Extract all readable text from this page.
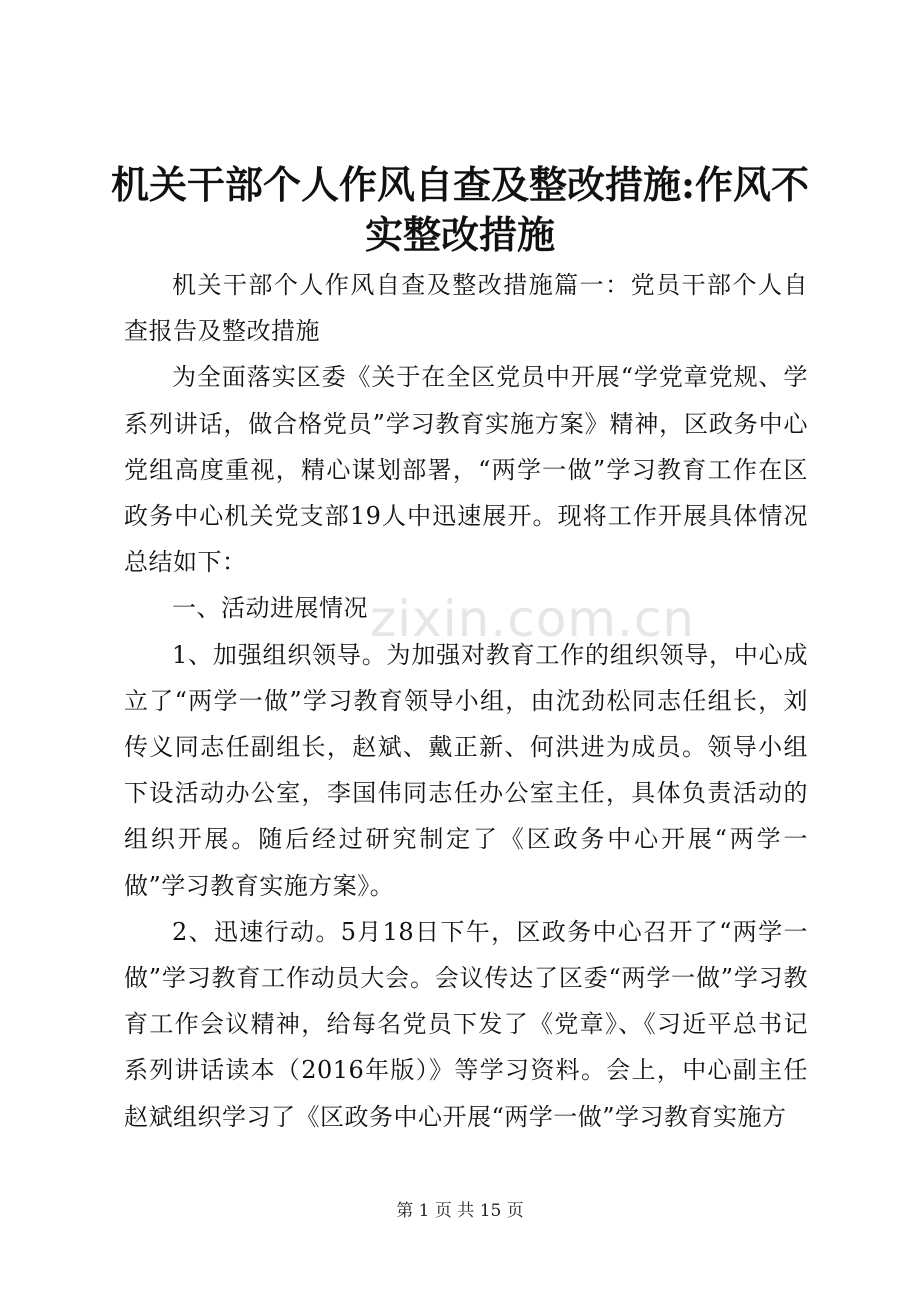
机关干部个人作风自查及整改措施:作风不实整改措施

机关干部个人作风自查及整改措施篇一：党员干部个人自查报告及整改措施

为全面落实区委《关于在全区党员中开展“学党章党规、学系列讲话，做合格党员”学习教育实施方案》精神，区政务中心党组高度重视，精心谋划部署，“两学一做”学习教育工作在区政务中心机关党支部19人中迅速展开。现将工作开展具体情况总结如下：

一、活动进展情况

1、加强组织领导。为加强对教育工作的组织领导，中心成立了“两学一做”学习教育领导小组，由沈劲松同志任组长，刘传义同志任副组长，赵斌、戴正新、何洪进为成员。领导小组下设活动办公室，李国伟同志任办公室主任，具体负责活动的组织开展。随后经过研究制定了《区政务中心开展“两学一做”学习教育实施方案》。

2、迅速行动。5月18日下午，区政务中心召开了“两学一做”学习教育工作动员大会。会议传达了区委“两学一做”学习教育工作会议精神，给每名党员下发了《党章》、《习近平总书记系列讲话读本（2016年版）》等学习资料。会上，中心副主任赵斌组织学习了《区政务中心开展“两学一做”学习教育实施方

zixin.com.cn
第 1 页 共 15 页
